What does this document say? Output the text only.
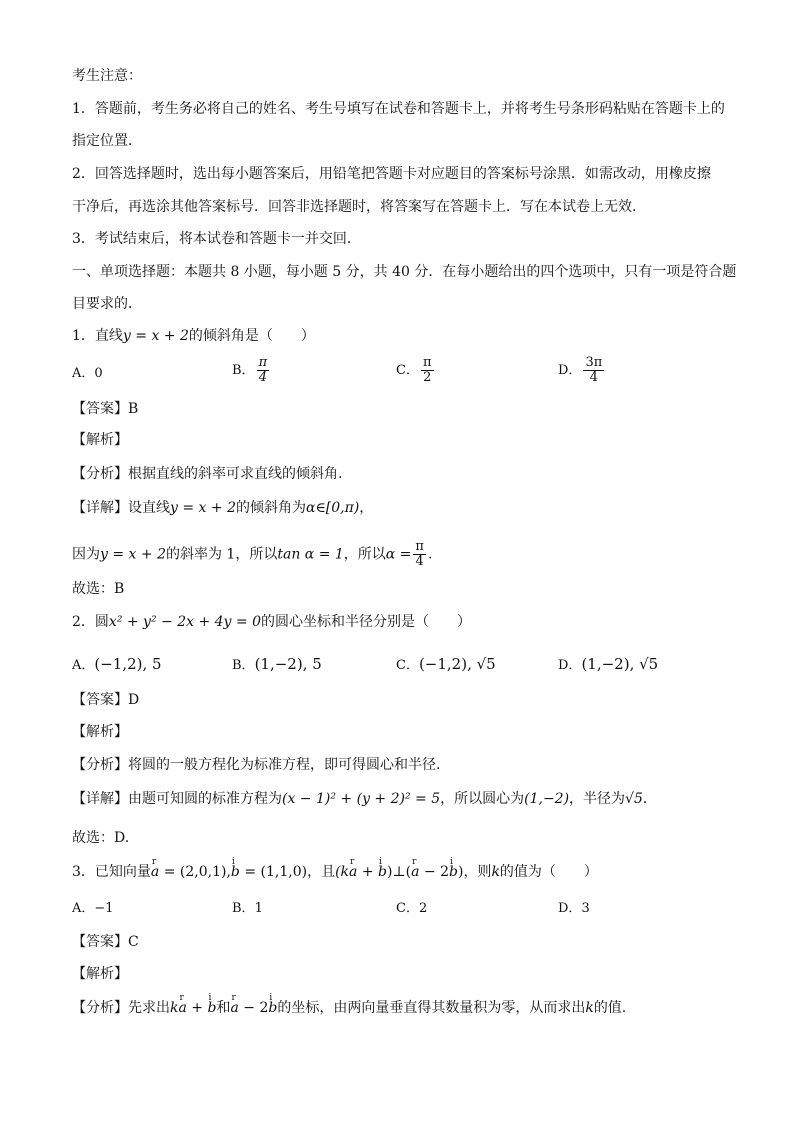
考生注意：
1．答题前，考生务必将自己的姓名、考生号填写在试卷和答题卡上，并将考生号条形码粘贴在答题卡上的
指定位置．
2．回答选择题时，选出每小题答案后，用铅笔把答题卡对应题目的答案标号涂黑．如需改动，用橡皮擦
干净后，再选涂其他答案标号．回答非选择题时，将答案写在答题卡上．写在本试卷上无效．
3．考试结束后，将本试卷和答题卡一并交回．
一、单项选择题：本题共 8 小题，每小题 5 分，共 40 分．在每小题给出的四个选项中，只有一项是符合题
目要求的．
1．直线y = x + 2的倾斜角是（　　）
A．0	B． $\frac{\pi}{4}$	C． $\frac{\pi}{2}$	D． $\frac{3\pi}{4}$
【答案】B
【解析】
【分析】根据直线的斜率可求直线的倾斜角.
【详解】设直线y = x + 2的倾斜角为α∈[0,π)，
因为y = x + 2的斜率为 1，所以tan α = 1，所以$\alpha = \frac{\pi}{4}$ .
故选：B
2．圆x² + y² − 2x + 4y = 0的圆心坐标和半径分别是（　　）
A．(−1,2), 5	B．(1,−2), 5	C．(−1,2), √5	D．(1,−2), √5
【答案】D
【解析】
【分析】将圆的一般方程化为标准方程，即可得圆心和半径.
【详解】由题可知圆的标准方程为(x − 1)² + (y + 2)² = 5，所以圆心为(1,−2)，半径为√5．
故选：D.
3．已知向量r a = (2,0,1),i b = (1,1,0)，且(kr a + i b)⊥(r a − 2i b)，则k的值为（　　）
A．−1	B．1	C．2	D．3
【答案】C
【解析】
【分析】先求出kr a + i b和r a − 2i b的坐标，由两向量垂直得其数量积为零，从而求出k的值.
